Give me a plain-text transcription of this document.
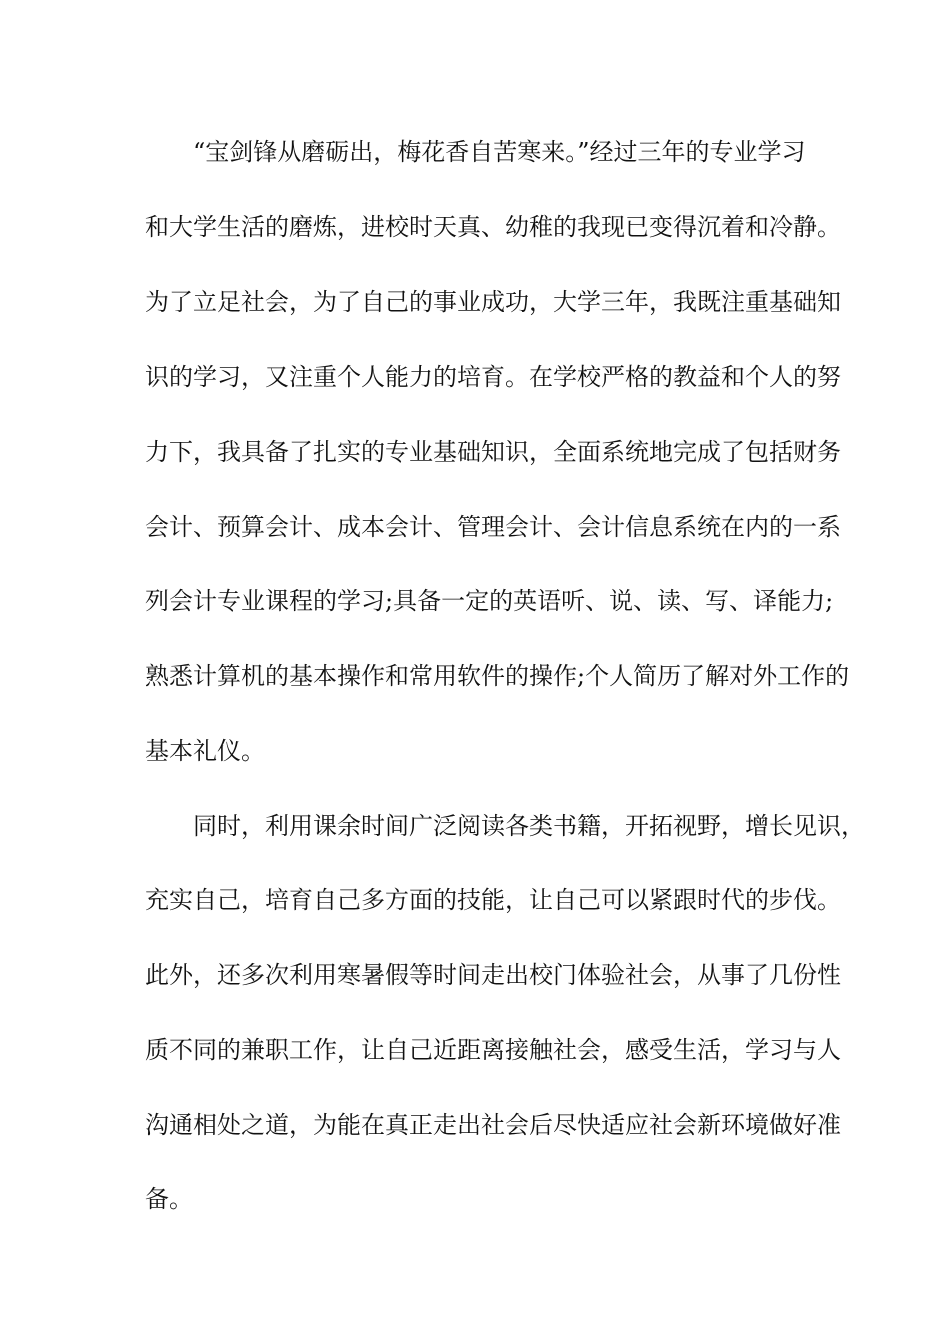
“宝剑锋从磨砺出，梅花香自苦寒来。”经过三年的专业学习
和大学生活的磨炼，进校时天真、幼稚的我现已变得沉着和冷静。
为了立足社会，为了自己的事业成功，大学三年，我既注重基础知
识的学习，又注重个人能力的培育。在学校严格的教益和个人的努
力下，我具备了扎实的专业基础知识，全面系统地完成了包括财务
会计、预算会计、成本会计、管理会计、会计信息系统在内的一系
列会计专业课程的学习;具备一定的英语听、说、读、写、译能力;
熟悉计算机的基本操作和常用软件的操作;个人简历了解对外工作的
基本礼仪。
同时，利用课余时间广泛阅读各类书籍，开拓视野，增长见识，
充实自己，培育自己多方面的技能，让自己可以紧跟时代的步伐。
此外，还多次利用寒暑假等时间走出校门体验社会，从事了几份性
质不同的兼职工作，让自己近距离接触社会，感受生活，学习与人
沟通相处之道，为能在真正走出社会后尽快适应社会新环境做好准
备。
